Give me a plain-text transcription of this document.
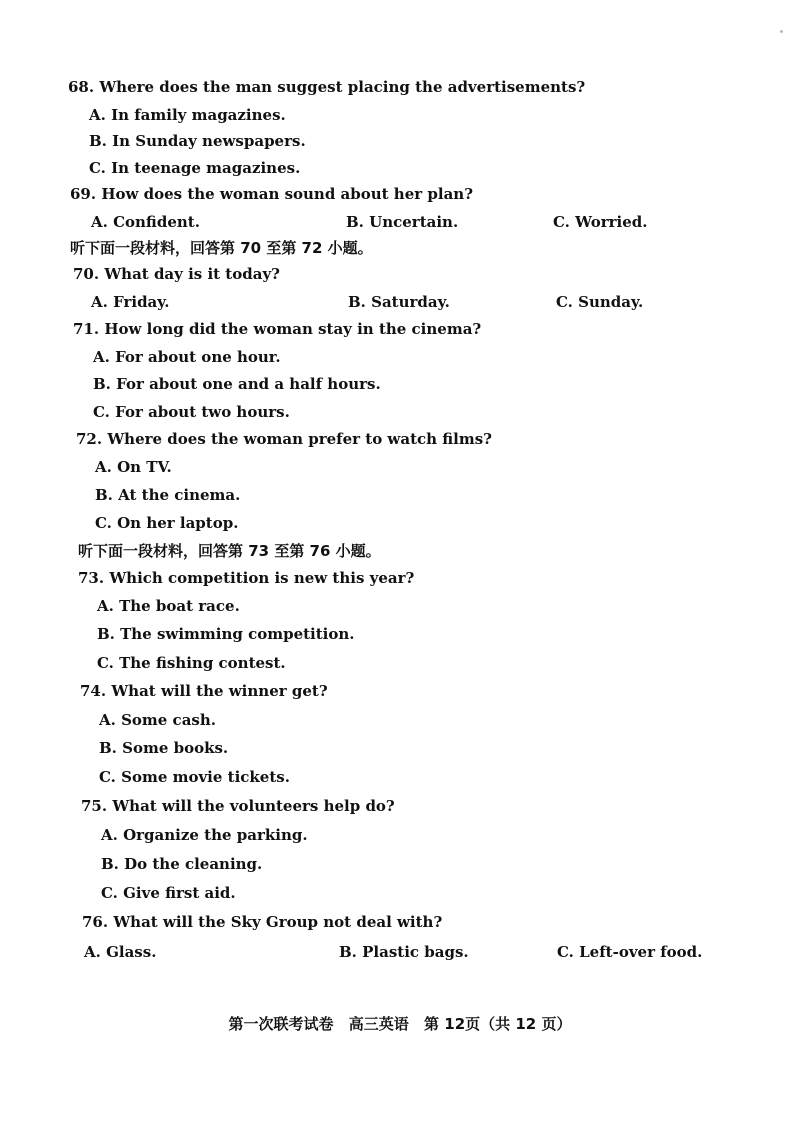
68. Where does the man suggest placing the advertisements?
A. In family magazines.
B. In Sunday newspapers.
C. In teenage magazines.
69. How does the woman sound about her plan?
A. Confident.	B. Uncertain.	C. Worried.
听下面一段材料，回答第 70 至第 72 小题。
70. What day is it today?
A. Friday.	B. Saturday.	C. Sunday.
71. How long did the woman stay in the cinema?
A. For about one hour.
B. For about one and a half hours.
C. For about two hours.
72. Where does the woman prefer to watch films?
A. On TV.
B. At the cinema.
C. On her laptop.
听下面一段材料，回答第 73 至第 76 小题。
73. Which competition is new this year?
A. The boat race.
B. The swimming competition.
C. The fishing contest.
74. What will the winner get?
A. Some cash.
B. Some books.
C. Some movie tickets.
75. What will the volunteers help do?
A. Organize the parking.
B. Do the cleaning.
C. Give first aid.
76. What will the Sky Group not deal with?
A. Glass.	B. Plastic bags.	C. Left-over food.
第一次联考试卷 高三英语 第 12页（共 12 页）
